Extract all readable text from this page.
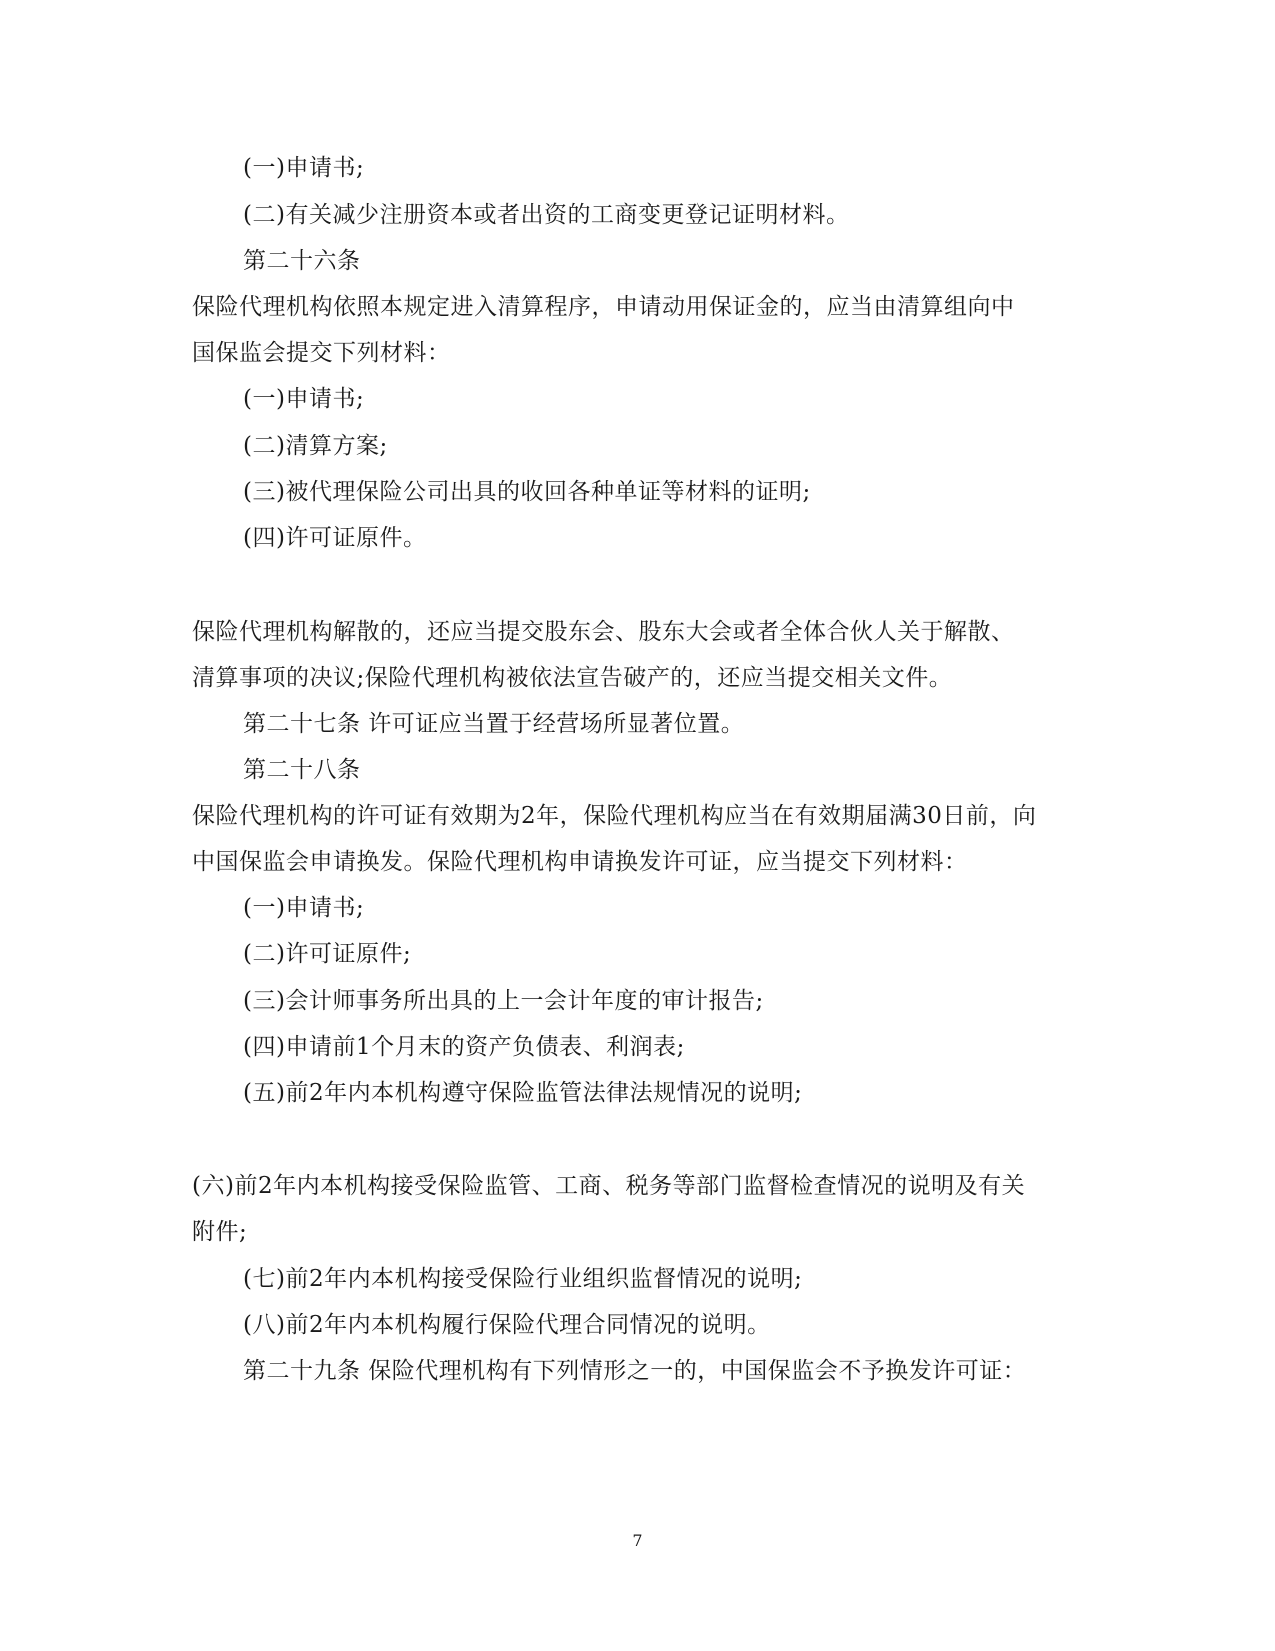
(一)申请书;
(二)有关减少注册资本或者出资的工商变更登记证明材料。
第二十六条
保险代理机构依照本规定进入清算程序，申请动用保证金的，应当由清算组向中
国保监会提交下列材料：
(一)申请书;
(二)清算方案;
(三)被代理保险公司出具的收回各种单证等材料的证明;
(四)许可证原件。
保险代理机构解散的，还应当提交股东会、股东大会或者全体合伙人关于解散、
清算事项的决议;保险代理机构被依法宣告破产的，还应当提交相关文件。
第二十七条 许可证应当置于经营场所显著位置。
第二十八条
保险代理机构的许可证有效期为2年，保险代理机构应当在有效期届满30日前，向
中国保监会申请换发。保险代理机构申请换发许可证，应当提交下列材料：
(一)申请书;
(二)许可证原件;
(三)会计师事务所出具的上一会计年度的审计报告;
(四)申请前1个月末的资产负债表、利润表;
(五)前2年内本机构遵守保险监管法律法规情况的说明;
(六)前2年内本机构接受保险监管、工商、税务等部门监督检查情况的说明及有关
附件;
(七)前2年内本机构接受保险行业组织监督情况的说明;
(八)前2年内本机构履行保险代理合同情况的说明。
第二十九条 保险代理机构有下列情形之一的，中国保监会不予换发许可证：
7
